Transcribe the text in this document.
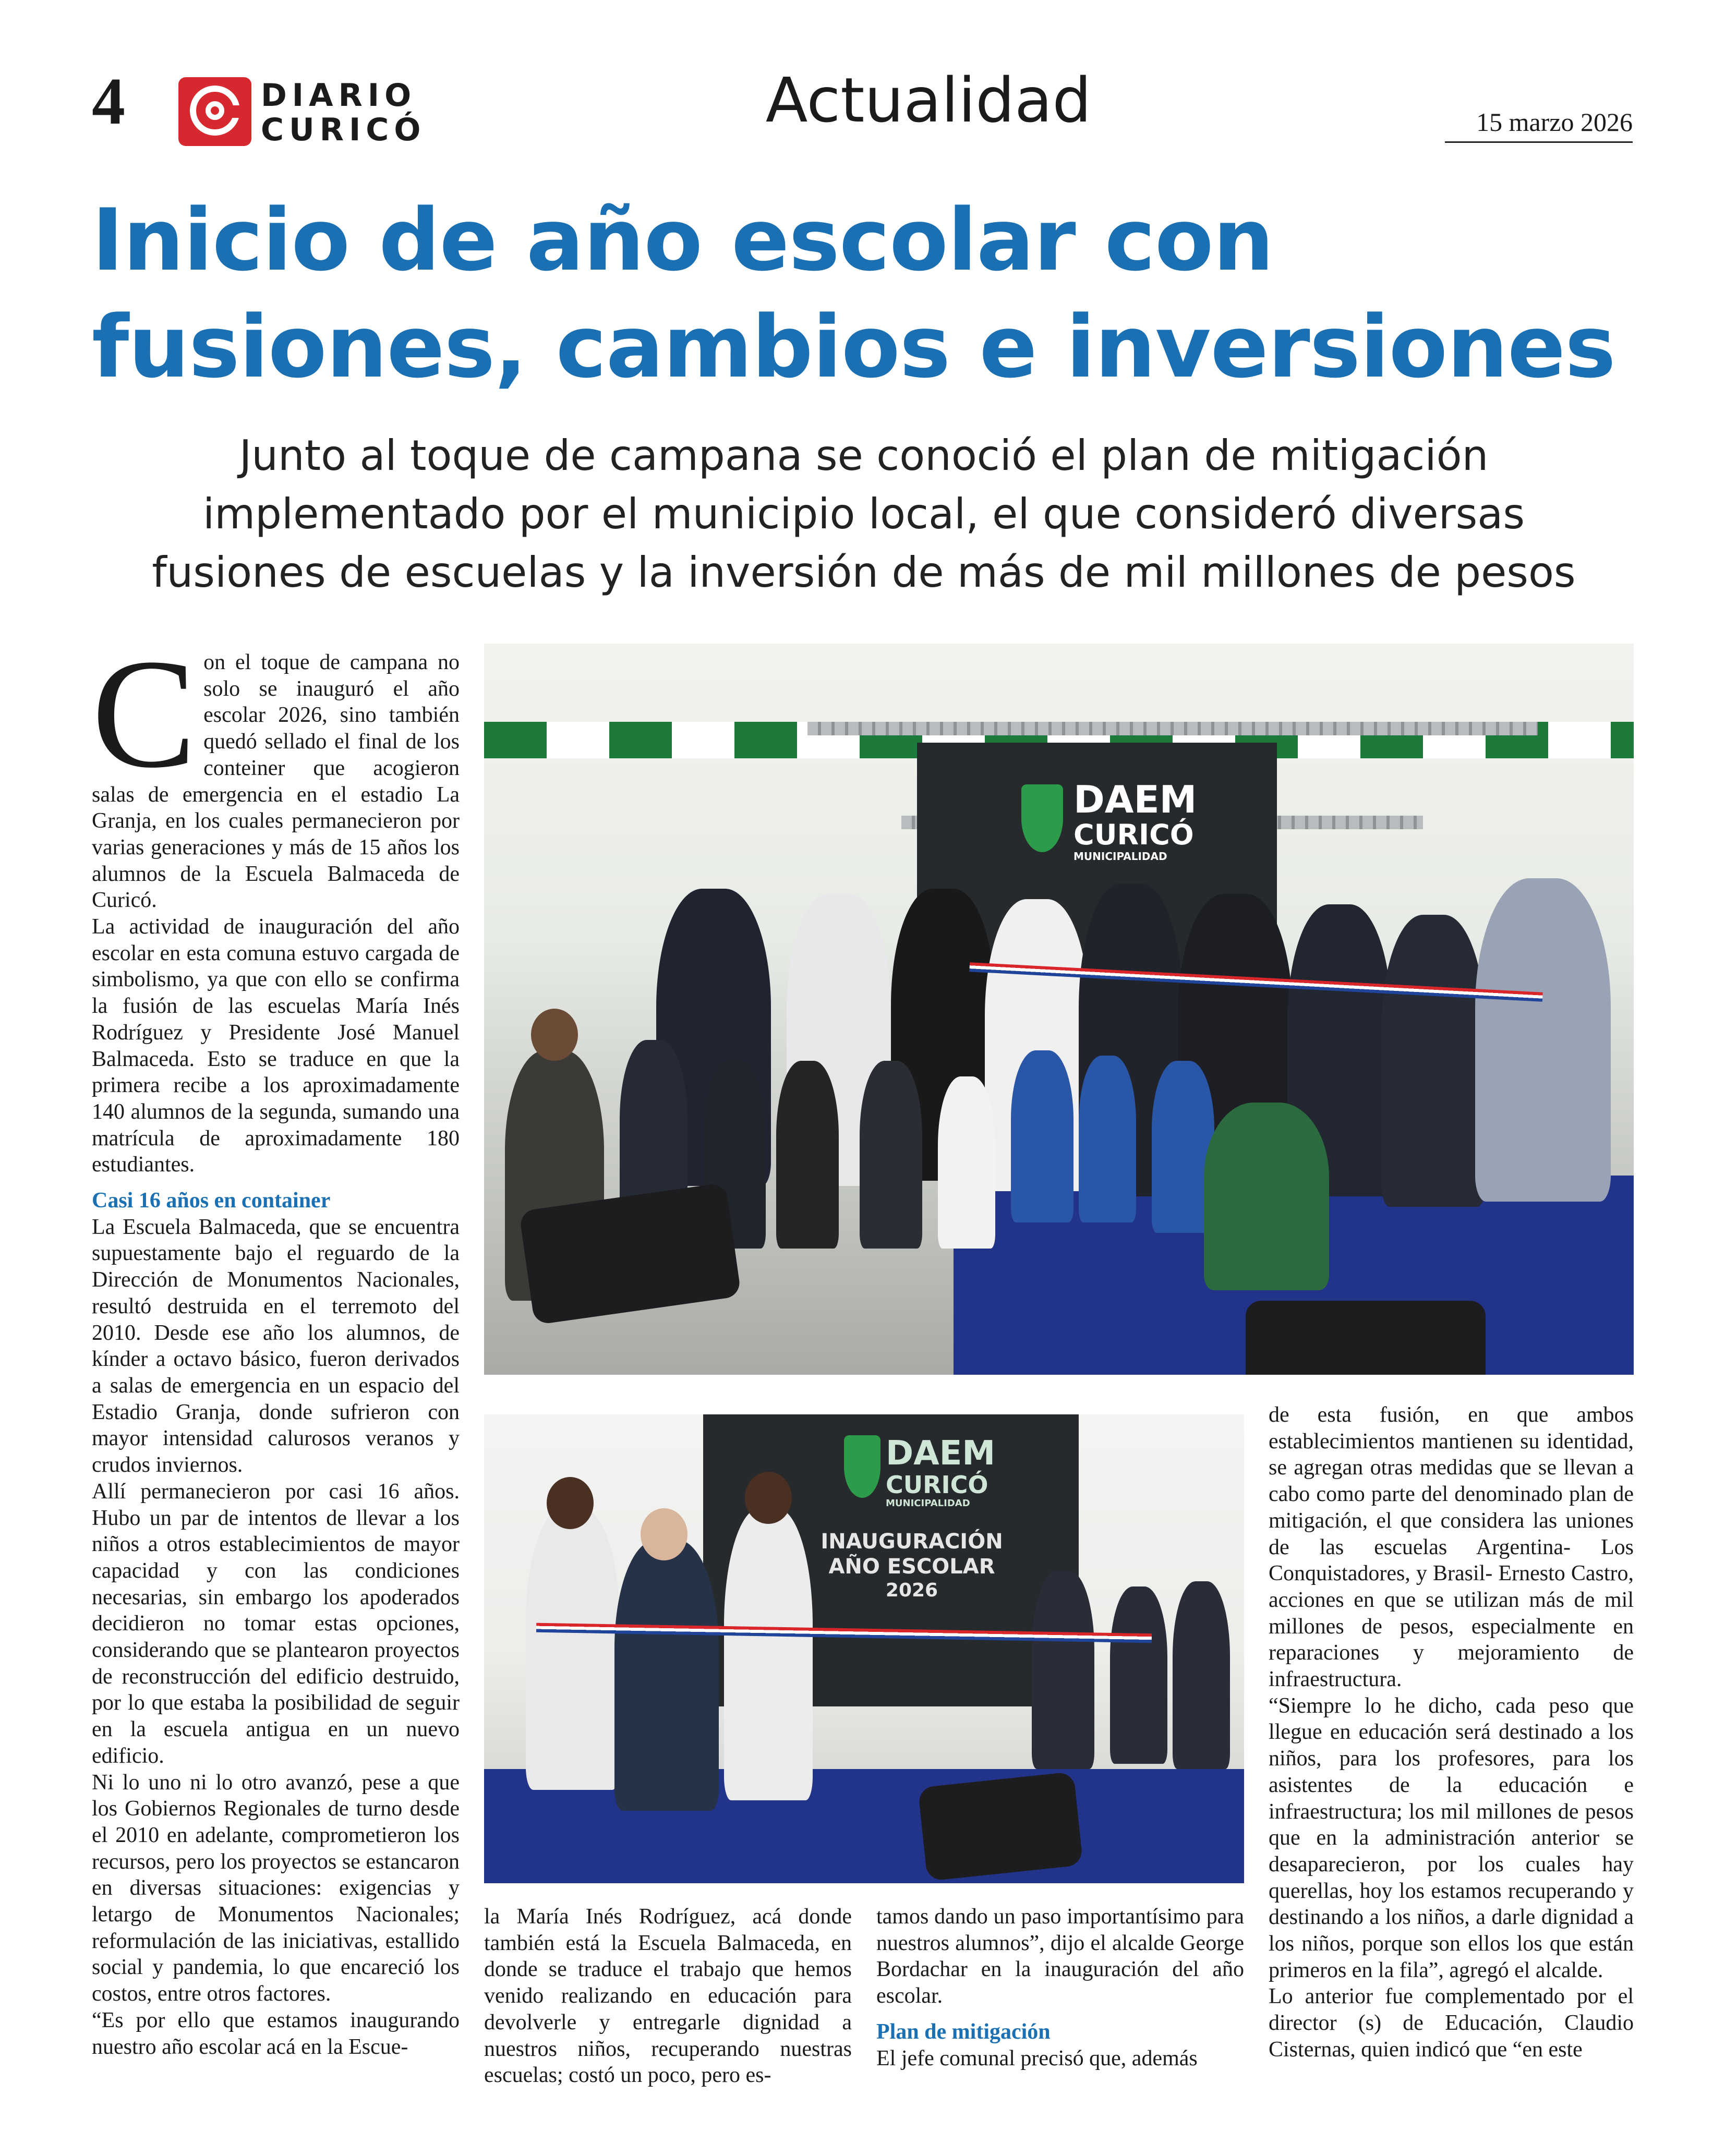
4	DIARIO
CURICÓ	Actualidad	15 marzo 2026
Inicio de año escolar con
fusiones, cambios e inversiones
Junto al toque de campana se conoció el plan de mitigación
implementado por el municipio local, el que consideró diversas
fusiones de escuelas y la inversión de más de mil millones de pesos

Con el toque de campana no solo se inauguró el año escolar 2026, sino también quedó sellado el final de los conteiner que acogieron salas de emergencia en el estadio La Granja, en los cuales permanecieron por varias generaciones y más de 15 años los alumnos de la Escuela Balmaceda de Curicó.

La actividad de inauguración del año escolar en esta comuna estuvo cargada de simbolismo, ya que con ello se confirma la fusión de las escuelas María Inés Rodríguez y Presidente José Manuel Balmaceda. Esto se traduce en que la primera recibe a los aproximadamente 140 alumnos de la segunda, sumando una matrícula de aproximadamente 180 estudiantes.

Casi 16 años en container

La Escuela Balmaceda, que se encuentra supuestamente bajo el reguardo de la Dirección de Monumentos Nacionales, resultó destruida en el terremoto del 2010. Desde ese año los alumnos, de kínder a octavo básico, fueron derivados a salas de emergencia en un espacio del Estadio Granja, donde sufrieron con mayor intensidad calurosos veranos y crudos inviernos.

Allí permanecieron por casi 16 años. Hubo un par de intentos de llevar a los niños a otros establecimientos de mayor capacidad y con las condiciones necesarias, sin embargo los apoderados decidieron no tomar estas opciones, considerando que se plantearon proyectos de reconstrucción del edificio destruido, por lo que estaba la posibilidad de seguir en la escuela antigua en un nuevo edificio.

Ni lo uno ni lo otro avanzó, pese a que los Gobiernos Regionales de turno desde el 2010 en adelante, comprometieron los recursos, pero los proyectos se estancaron en diversas situaciones: exigencias y letargo de Monumentos Nacionales; reformulación de las iniciativas, estallido social y pandemia, lo que encareció los costos, entre otros factores.

“Es por ello que estamos inaugurando nuestro año escolar acá en la Escue-

DAEM
CURICÓ
MUNICIPALIDAD
DAEM
CURICÓ
MUNICIPALIDAD
INAUGURACIÓN
AÑO ESCOLAR
2026

la María Inés Rodríguez, acá donde también está la Escuela Balmaceda, en donde se traduce el trabajo que hemos venido realizando en educación para devolverle y entregarle dignidad a nuestros niños, recuperando nuestras escuelas; costó un poco, pero es-

tamos dando un paso importantísimo para nuestros alumnos”, dijo el alcalde George Bordachar en la inauguración del año escolar.

Plan de mitigación

El jefe comunal precisó que, además

de esta fusión, en que ambos establecimientos mantienen su identidad, se agregan otras medidas que se llevan a cabo como parte del denominado plan de mitigación, el que considera las uniones de las escuelas Argentina- Los Conquistadores, y Brasil- Ernesto Castro, acciones en que se utilizan más de mil millones de pesos, especialmente en reparaciones y mejoramiento de infraestructura.

“Siempre lo he dicho, cada peso que llegue en educación será destinado a los niños, para los profesores, para los asistentes de la educación e infraestructura; los mil millones de pesos que en la administración anterior se desaparecieron, por los cuales hay querellas, hoy los estamos recuperando y destinando a los niños, a darle dignidad a los niños, porque son ellos los que están primeros en la fila”, agregó el alcalde.

Lo anterior fue complementado por el director (s) de Educación, Claudio Cisternas, quien indicó que “en este
